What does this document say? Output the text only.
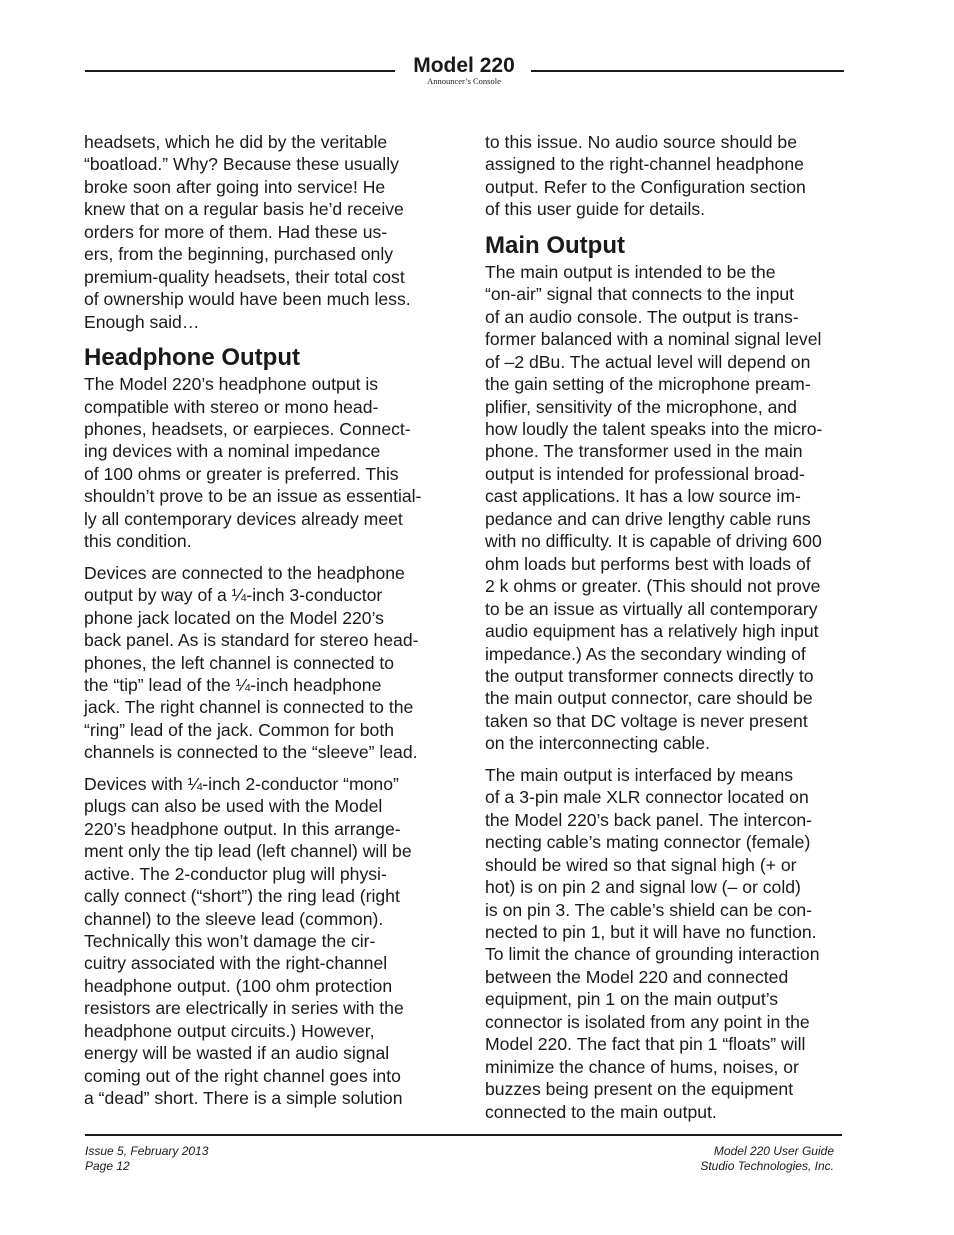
Model 220
Announcer’s Console

headsets, which he did by the veritable
“boatload.” Why? Because these usually
broke soon after going into service! He
knew that on a regular basis he’d receive
orders for more of them. Had these us-
ers, from the beginning, purchased only
premium-quality headsets, their total cost
of ownership would have been much less.
Enough said…

Headphone Output

The Model 220’s headphone output is
compatible with stereo or mono head-
phones, headsets, or earpieces. Connect-
ing devices with a nominal impedance
of 100 ohms or greater is preferred. This
shouldn’t prove to be an issue as essential-
ly all contemporary devices already meet
this condition.

Devices are connected to the headphone
output by way of a ¼-inch 3-conductor
phone jack located on the Model 220’s
back panel. As is standard for stereo head-
phones, the left channel is connected to
the “tip” lead of the ¼-inch headphone
jack. The right channel is connected to the
“ring” lead of the jack. Common for both
channels is connected to the “sleeve” lead.

Devices with ¼-inch 2-conductor “mono”
plugs can also be used with the Model
220’s headphone output. In this arrange-
ment only the tip lead (left channel) will be
active. The 2-conductor plug will physi-
cally connect (“short”) the ring lead (right
channel) to the sleeve lead (common).
Technically this won’t damage the cir-
cuitry associated with the right-channel
headphone output. (100 ohm protection
resistors are electrically in series with the
headphone output circuits.) However,
energy will be wasted if an audio signal
coming out of the right channel goes into
a “dead” short. There is a simple solution

to this issue. No audio source should be
assigned to the right-channel headphone
output. Refer to the Configuration section
of this user guide for details.

Main Output

The main output is intended to be the
“on-air” signal that connects to the input
of an audio console. The output is trans-
former balanced with a nominal signal level
of –2 dBu. The actual level will depend on
the gain setting of the microphone pream-
plifier, sensitivity of the microphone, and
how loudly the talent speaks into the micro-
phone. The transformer used in the main
output is intended for professional broad-
cast applications. It has a low source im-
pedance and can drive lengthy cable runs
with no difficulty. It is capable of driving 600
ohm loads but performs best with loads of
2 k ohms or greater. (This should not prove
to be an issue as virtually all contemporary
audio equipment has a relatively high input
impedance.) As the secondary winding of
the output transformer connects directly to
the main output connector, care should be
taken so that DC voltage is never present
on the interconnecting cable.

The main output is interfaced by means
of a 3-pin male XLR connector located on
the Model 220’s back panel. The intercon-
necting cable’s mating connector (female)
should be wired so that signal high (+ or
hot) is on pin 2 and signal low (– or cold)
is on pin 3. The cable’s shield can be con-
nected to pin 1, but it will have no function.
To limit the chance of grounding interaction
between the Model 220 and connected
equipment, pin 1 on the main output’s
connector is isolated from any point in the
Model 220. The fact that pin 1 “floats” will
minimize the chance of hums, noises, or
buzzes being present on the equipment
connected to the main output.

Issue 5, February 2013
Page 12
Model 220 User Guide
Studio Technologies, Inc.
